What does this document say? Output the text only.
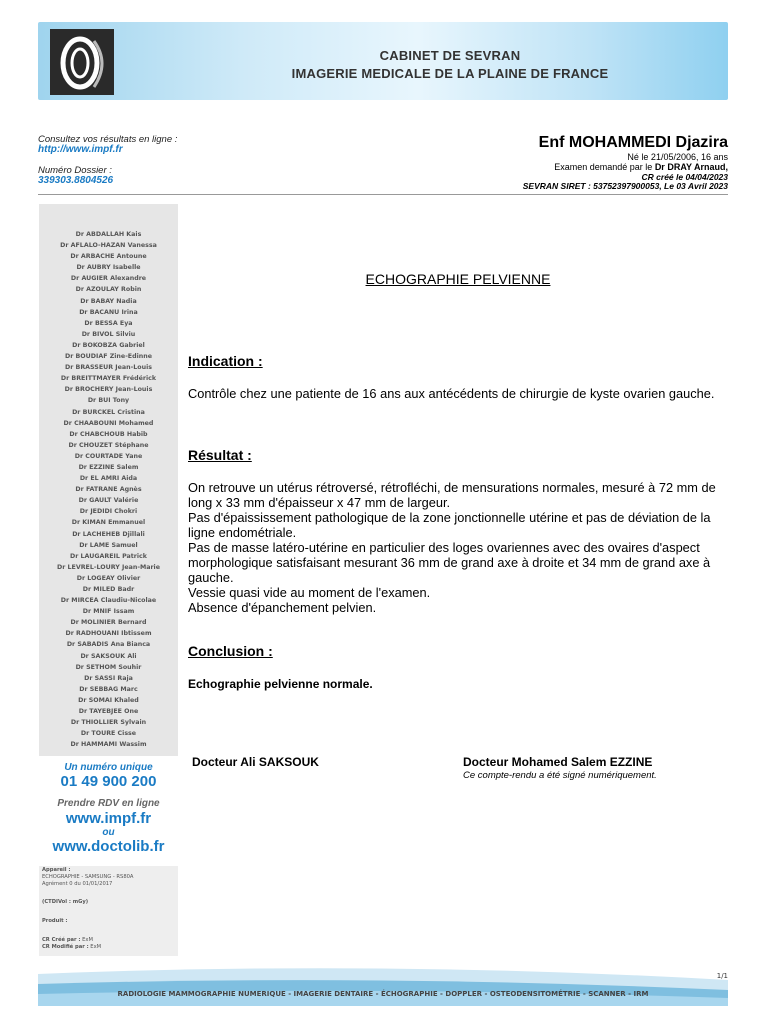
CABINET DE SEVRAN
IMAGERIE MEDICALE DE LA PLAINE DE FRANCE
Consultez vos résultats en ligne :
http://www.impf.fr
Numéro Dossier :
339303.8804526
Enf MOHAMMEDI Djazira
Né le 21/05/2006, 16 ans
Examen demandé par le Dr DRAY Arnaud,
CR créé le 04/04/2023
SEVRAN SIRET : 53752397900053, Le 03 Avril 2023
Dr ABDALLAH Kais
Dr AFLALO-HAZAN Vanessa
Dr ARBACHE Antoune
Dr AUBRY Isabelle
Dr AUGIER Alexandre
Dr AZOULAY Robin
Dr BABAY Nadia
Dr BACANU Irina
Dr BESSA Eya
Dr BIVOL Silviu
Dr BOKOBZA Gabriel
Dr BOUDIAF Zine-Edinne
Dr BRASSEUR Jean-Louis
Dr BREITTMAYER Frédérick
Dr BROCHERY Jean-Louis
Dr BUI Tony
Dr BURCKEL Cristina
Dr CHAABOUNI Mohamed
Dr CHABCHOUB Habib
Dr CHOUZET Stéphane
Dr COURTADE Yane
Dr EZZINE Salem
Dr EL AMRI Aida
Dr FATRANE Agnès
Dr GAULT Valérie
Dr JEDIDI Chokri
Dr KIMAN Emmanuel
Dr LACHEHEB Djillali
Dr LAME Samuel
Dr LAUGAREIL Patrick
Dr LEVREL-LOURY Jean-Marie
Dr LOGEAY Olivier
Dr MILED Badr
Dr MIRCEA Claudiu-Nicolae
Dr MNIF Issam
Dr MOLINIER Bernard
Dr RADHOUANI Ibtissem
Dr SABADIS Ana Bianca
Dr SAKSOUK Ali
Dr SETHOM Souhir
Dr SASSI Raja
Dr SEBBAG Marc
Dr SOMAI Khaled
Dr TAYEBJEE One
Dr THIOLLIER Sylvain
Dr TOURE Cisse
Dr HAMMAMI Wassim
Un numéro unique
01 49 900 200
Prendre RDV en ligne
www.impf.fr
ou
www.doctolib.fr
Appareil :
ECHOGRAPHIE - SAMSUNG - RS80A
Agrément 0 du 01/01/2017
(CTDIVol : mGy)
Produit :
CR Créé par : ExM
CR Modifié par : ExM
ECHOGRAPHIE PELVIENNE
Indication :
Contrôle chez une patiente de 16 ans aux antécédents de chirurgie de kyste ovarien gauche.
Résultat :
On retrouve un utérus rétroversé, rétrofléchi, de mensurations normales, mesuré à 72 mm de long x 33 mm d'épaisseur x 47 mm de largeur.
Pas d'épaississement pathologique de la zone jonctionnelle utérine et pas de déviation de la ligne endométriale.
Pas de masse latéro-utérine en particulier des loges ovariennes avec des ovaires d'aspect morphologique satisfaisant mesurant 36 mm de grand axe à droite et 34 mm de grand axe à gauche.
Vessie quasi vide au moment de l'examen.
Absence d'épanchement pelvien.
Conclusion :
Echographie pelvienne normale.
Docteur Ali SAKSOUK	Docteur Mohamed Salem EZZINE
Ce compte-rendu a été signé numériquement.
1/1
RADIOLOGIE MAMMOGRAPHIE NUMERIQUE - IMAGERIE DENTAIRE - ÉCHOGRAPHIE - DOPPLER - OSTEODENSITOMÉTRIE - SCANNER - IRM
